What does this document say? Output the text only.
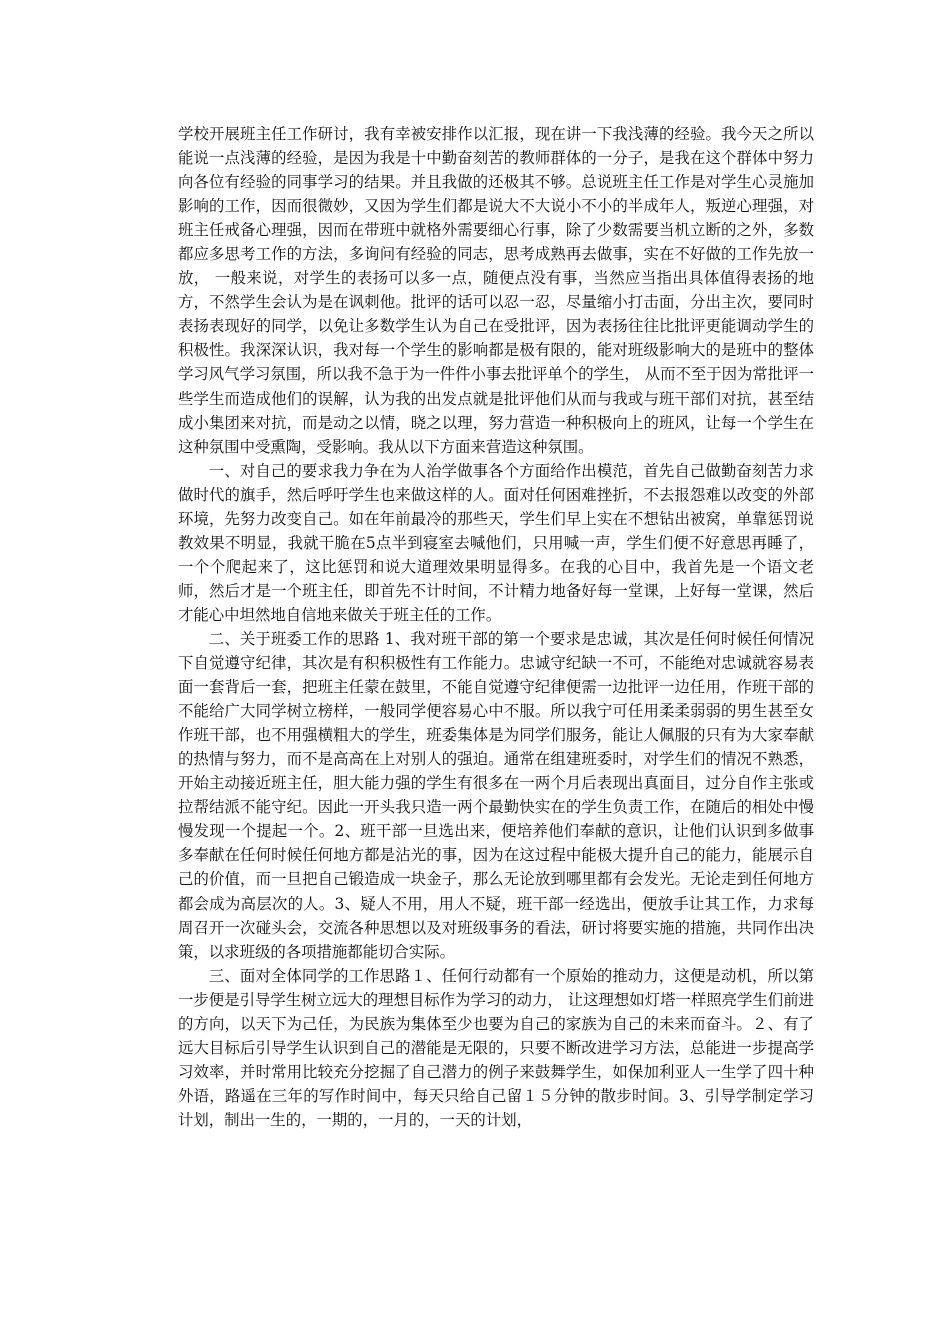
学校开展班主任工作研讨，我有幸被安排作以汇报，现在讲一下我浅薄的经验。我今天之所以能说一点浅薄的经验，是因为我是十中勤奋刻苦的教师群体的一分子，是我在这个群体中努力向各位有经验的同事学习的结果。并且我做的还极其不够。总说班主任工作是对学生心灵施加影响的工作，因而很微妙，又因为学生们都是说大不大说小不小的半成年人，叛逆心理强，对班主任戒备心理强，因而在带班中就格外需要细心行事，除了少数需要当机立断的之外，多数都应多思考工作的方法，多询问有经验的同志，思考成熟再去做事，实在不好做的工作先放一放， 一般来说，对学生的表扬可以多一点，随便点没有事，当然应当指出具体值得表扬的地方，不然学生会认为是在讽刺他。批评的话可以忍一忍，尽量缩小打击面，分出主次，要同时表扬表现好的同学，以免让多数学生认为自己在受批评，因为表扬往往比批评更能调动学生的积极性。我深深认识，我对每一个学生的影响都是极有限的，能对班级影响大的是班中的整体学习风气学习氛围，所以我不急于为一件件小事去批评单个的学生， 从而不至于因为常批评一些学生而造成他们的误解，认为我的出发点就是批评他们从而与我或与班干部们对抗，甚至结成小集团来对抗，而是动之以情，晓之以理，努力营造一种积极向上的班风，让每一个学生在这种氛围中受熏陶，受影响。我从以下方面来营造这种氛围。

一、对自己的要求我力争在为人治学做事各个方面给作出模范，首先自己做勤奋刻苦力求做时代的旗手，然后呼吁学生也来做这样的人。面对任何困难挫折，不去报怨难以改变的外部环境，先努力改变自己。如在年前最冷的那些天，学生们早上实在不想钻出被窝，单靠惩罚说教效果不明显，我就干脆在5点半到寝室去喊他们，只用喊一声，学生们便不好意思再睡了，一个个爬起来了，这比惩罚和说大道理效果明显得多。在我的心目中，我首先是一个语文老师，然后才是一个班主任，即首先不计时间，不计精力地备好每一堂课，上好每一堂课，然后才能心中坦然地自信地来做关于班主任的工作。

二、关于班委工作的思路 1、我对班干部的第一个要求是忠诚，其次是任何时候任何情况下自觉遵守纪律，其次是有积积极性有工作能力。忠诚守纪缺一不可，不能绝对忠诚就容易表面一套背后一套，把班主任蒙在鼓里，不能自觉遵守纪律便需一边批评一边任用，作班干部的不能给广大同学树立榜样，一般同学便容易心中不服。所以我宁可任用柔柔弱弱的男生甚至女作班干部，也不用强横粗大的学生，班委集体是为同学们服务，能让人佩服的只有为大家奉献的热情与努力，而不是高高在上对别人的强迫。通常在组建班委时，对学生们的情况不熟悉，开始主动接近班主任，胆大能力强的学生有很多在一两个月后表现出真面目，过分自作主张或拉帮结派不能守纪。因此一开头我只造一两个最勤快实在的学生负责工作，在随后的相处中慢慢发现一个提起一个。2、班干部一旦选出来，便培养他们奉献的意识，让他们认识到多做事多奉献在任何时候任何地方都是沾光的事，因为在这过程中能极大提升自己的能力，能展示自己的价值，而一旦把自己锻造成一块金子，那么无论放到哪里都有会发光。无论走到任何地方都会成为高层次的人。3、疑人不用，用人不疑，班干部一经选出，便放手让其工作，力求每周召开一次碰头会，交流各种思想以及对班级事务的看法，研讨将要实施的措施，共同作出决策，以求班级的各项措施都能切合实际。

三、面对全体同学的工作思路１、任何行动都有一个原始的推动力，这便是动机，所以第一步便是引导学生树立远大的理想目标作为学习的动力， 让这理想如灯塔一样照亮学生们前进的方向，以天下为己任，为民族为集体至少也要为自己的家族为自己的未来而奋斗。２、有了远大目标后引导学生认识到自己的潜能是无限的，只要不断改进学习方法，总能进一步提高学习效率，并时常用比较充分挖掘了自己潜力的例子来鼓舞学生，如保加利亚人一生学了四十种外语，路遥在三年的写作时间中，每天只给自己留１５分钟的散步时间。3、引导学制定学习计划，制出一生的，一期的，一月的，一天的计划，
